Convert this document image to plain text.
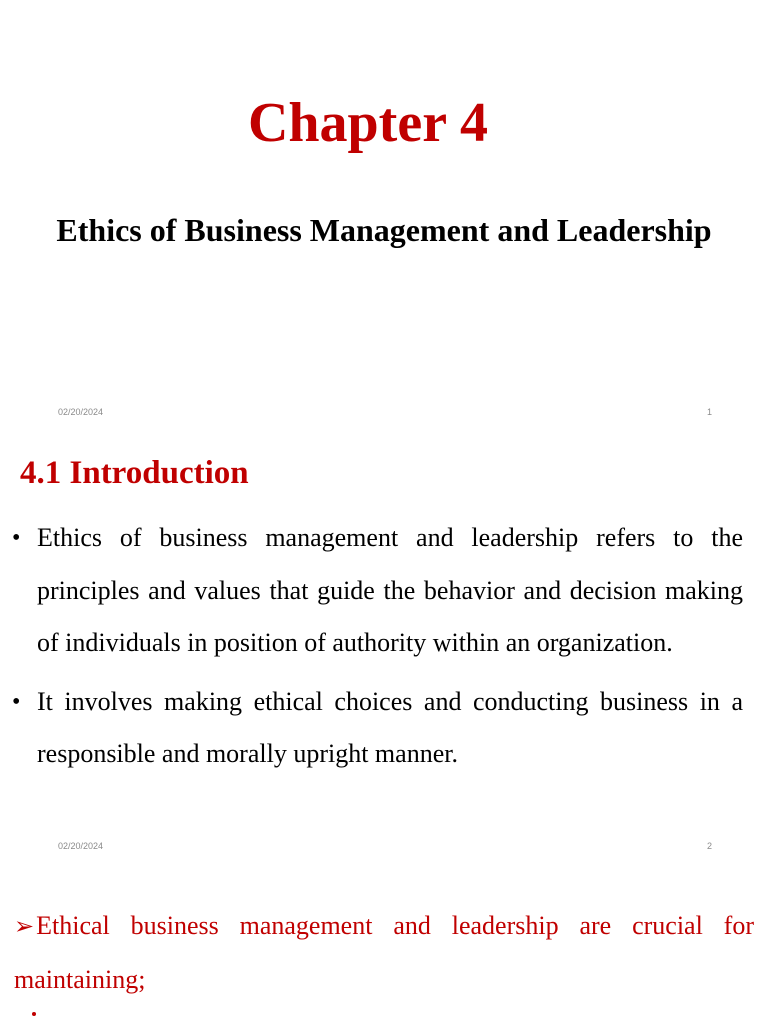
Chapter 4
Ethics of Business Management and Leadership
02/20/2024	1
4.1 Introduction
• Ethics of business management and leadership refers to the principles and values that guide the behavior and decision making of individuals in position of authority within an organization.
• It involves making ethical choices and conducting business in a responsible and morally upright manner.
02/20/2024	2
➢Ethical business management and leadership are crucial for maintaining;
